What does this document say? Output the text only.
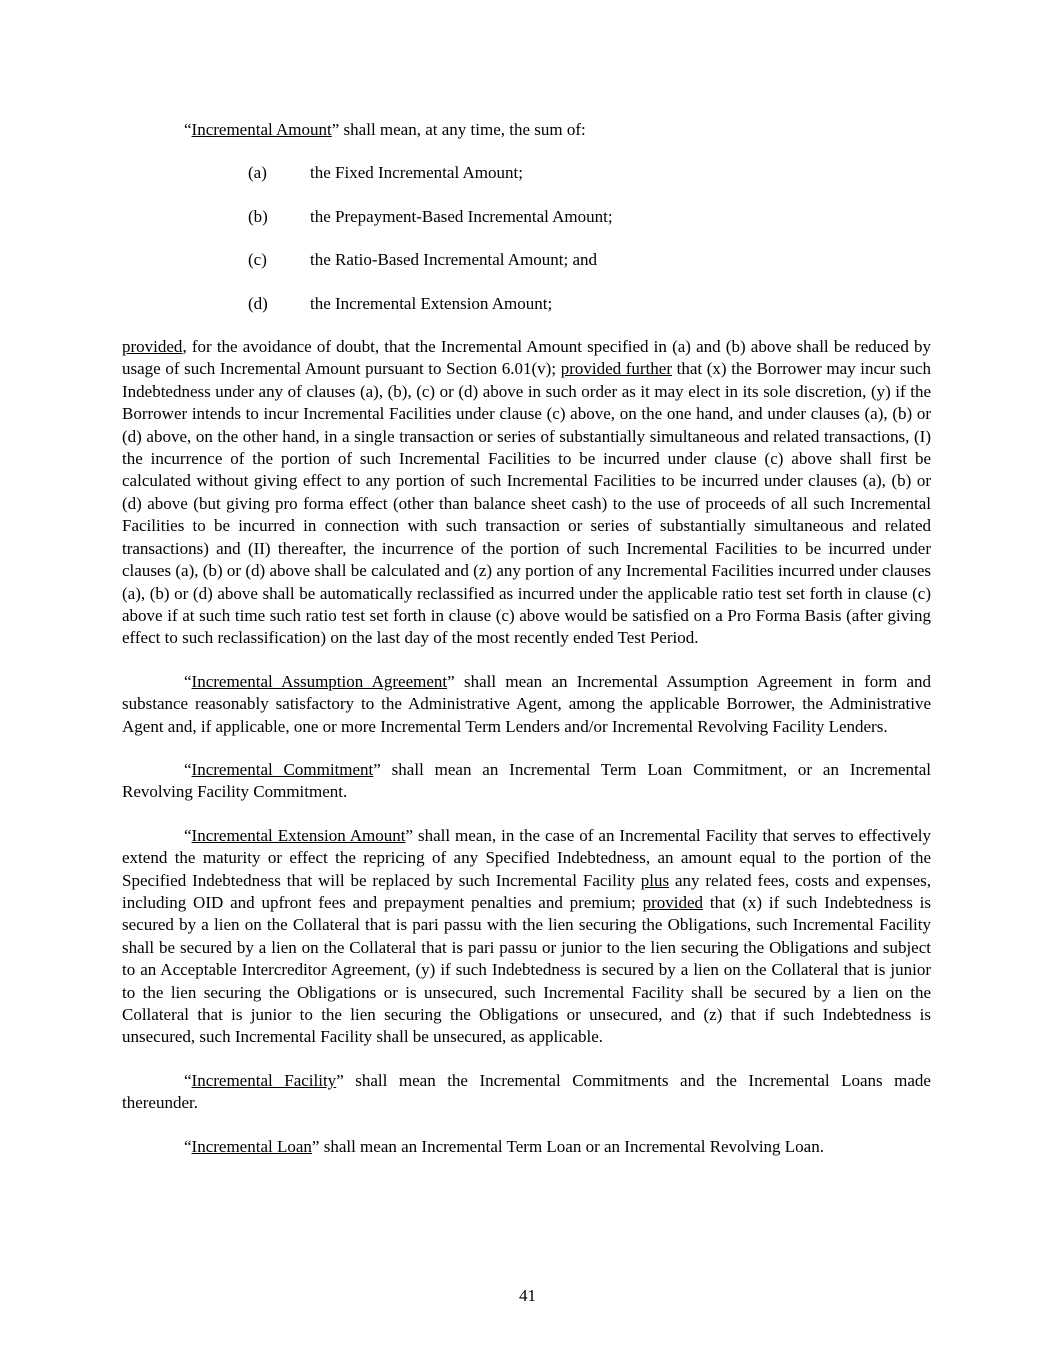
“Incremental Amount” shall mean, at any time, the sum of:
(a)	the Fixed Incremental Amount;
(b)	the Prepayment-Based Incremental Amount;
(c)	the Ratio-Based Incremental Amount; and
(d)	the Incremental Extension Amount;
provided, for the avoidance of doubt, that the Incremental Amount specified in (a) and (b) above shall be reduced by usage of such Incremental Amount pursuant to Section 6.01(v); provided further that (x) the Borrower may incur such Indebtedness under any of clauses (a), (b), (c) or (d) above in such order as it may elect in its sole discretion, (y) if the Borrower intends to incur Incremental Facilities under clause (c) above, on the one hand, and under clauses (a), (b) or (d) above, on the other hand, in a single transaction or series of substantially simultaneous and related transactions, (I) the incurrence of the portion of such Incremental Facilities to be incurred under clause (c) above shall first be calculated without giving effect to any portion of such Incremental Facilities to be incurred under clauses (a), (b) or (d) above (but giving pro forma effect (other than balance sheet cash) to the use of proceeds of all such Incremental Facilities to be incurred in connection with such transaction or series of substantially simultaneous and related transactions) and (II) thereafter, the incurrence of the portion of such Incremental Facilities to be incurred under clauses (a), (b) or (d) above shall be calculated and (z) any portion of any Incremental Facilities incurred under clauses (a), (b) or (d) above shall be automatically reclassified as incurred under the applicable ratio test set forth in clause (c) above if at such time such ratio test set forth in clause (c) above would be satisfied on a Pro Forma Basis (after giving effect to such reclassification) on the last day of the most recently ended Test Period.
“Incremental Assumption Agreement” shall mean an Incremental Assumption Agreement in form and substance reasonably satisfactory to the Administrative Agent, among the applicable Borrower, the Administrative Agent and, if applicable, one or more Incremental Term Lenders and/or Incremental Revolving Facility Lenders.
“Incremental Commitment” shall mean an Incremental Term Loan Commitment, or an Incremental Revolving Facility Commitment.
“Incremental Extension Amount” shall mean, in the case of an Incremental Facility that serves to effectively extend the maturity or effect the repricing of any Specified Indebtedness, an amount equal to the portion of the Specified Indebtedness that will be replaced by such Incremental Facility plus any related fees, costs and expenses, including OID and upfront fees and prepayment penalties and premium; provided that (x) if such Indebtedness is secured by a lien on the Collateral that is pari passu with the lien securing the Obligations, such Incremental Facility shall be secured by a lien on the Collateral that is pari passu or junior to the lien securing the Obligations and subject to an Acceptable Intercreditor Agreement, (y) if such Indebtedness is secured by a lien on the Collateral that is junior to the lien securing the Obligations or is unsecured, such Incremental Facility shall be secured by a lien on the Collateral that is junior to the lien securing the Obligations or unsecured, and (z) that if such Indebtedness is unsecured, such Incremental Facility shall be unsecured, as applicable.
“Incremental Facility” shall mean the Incremental Commitments and the Incremental Loans made thereunder.
“Incremental Loan” shall mean an Incremental Term Loan or an Incremental Revolving Loan.
41
